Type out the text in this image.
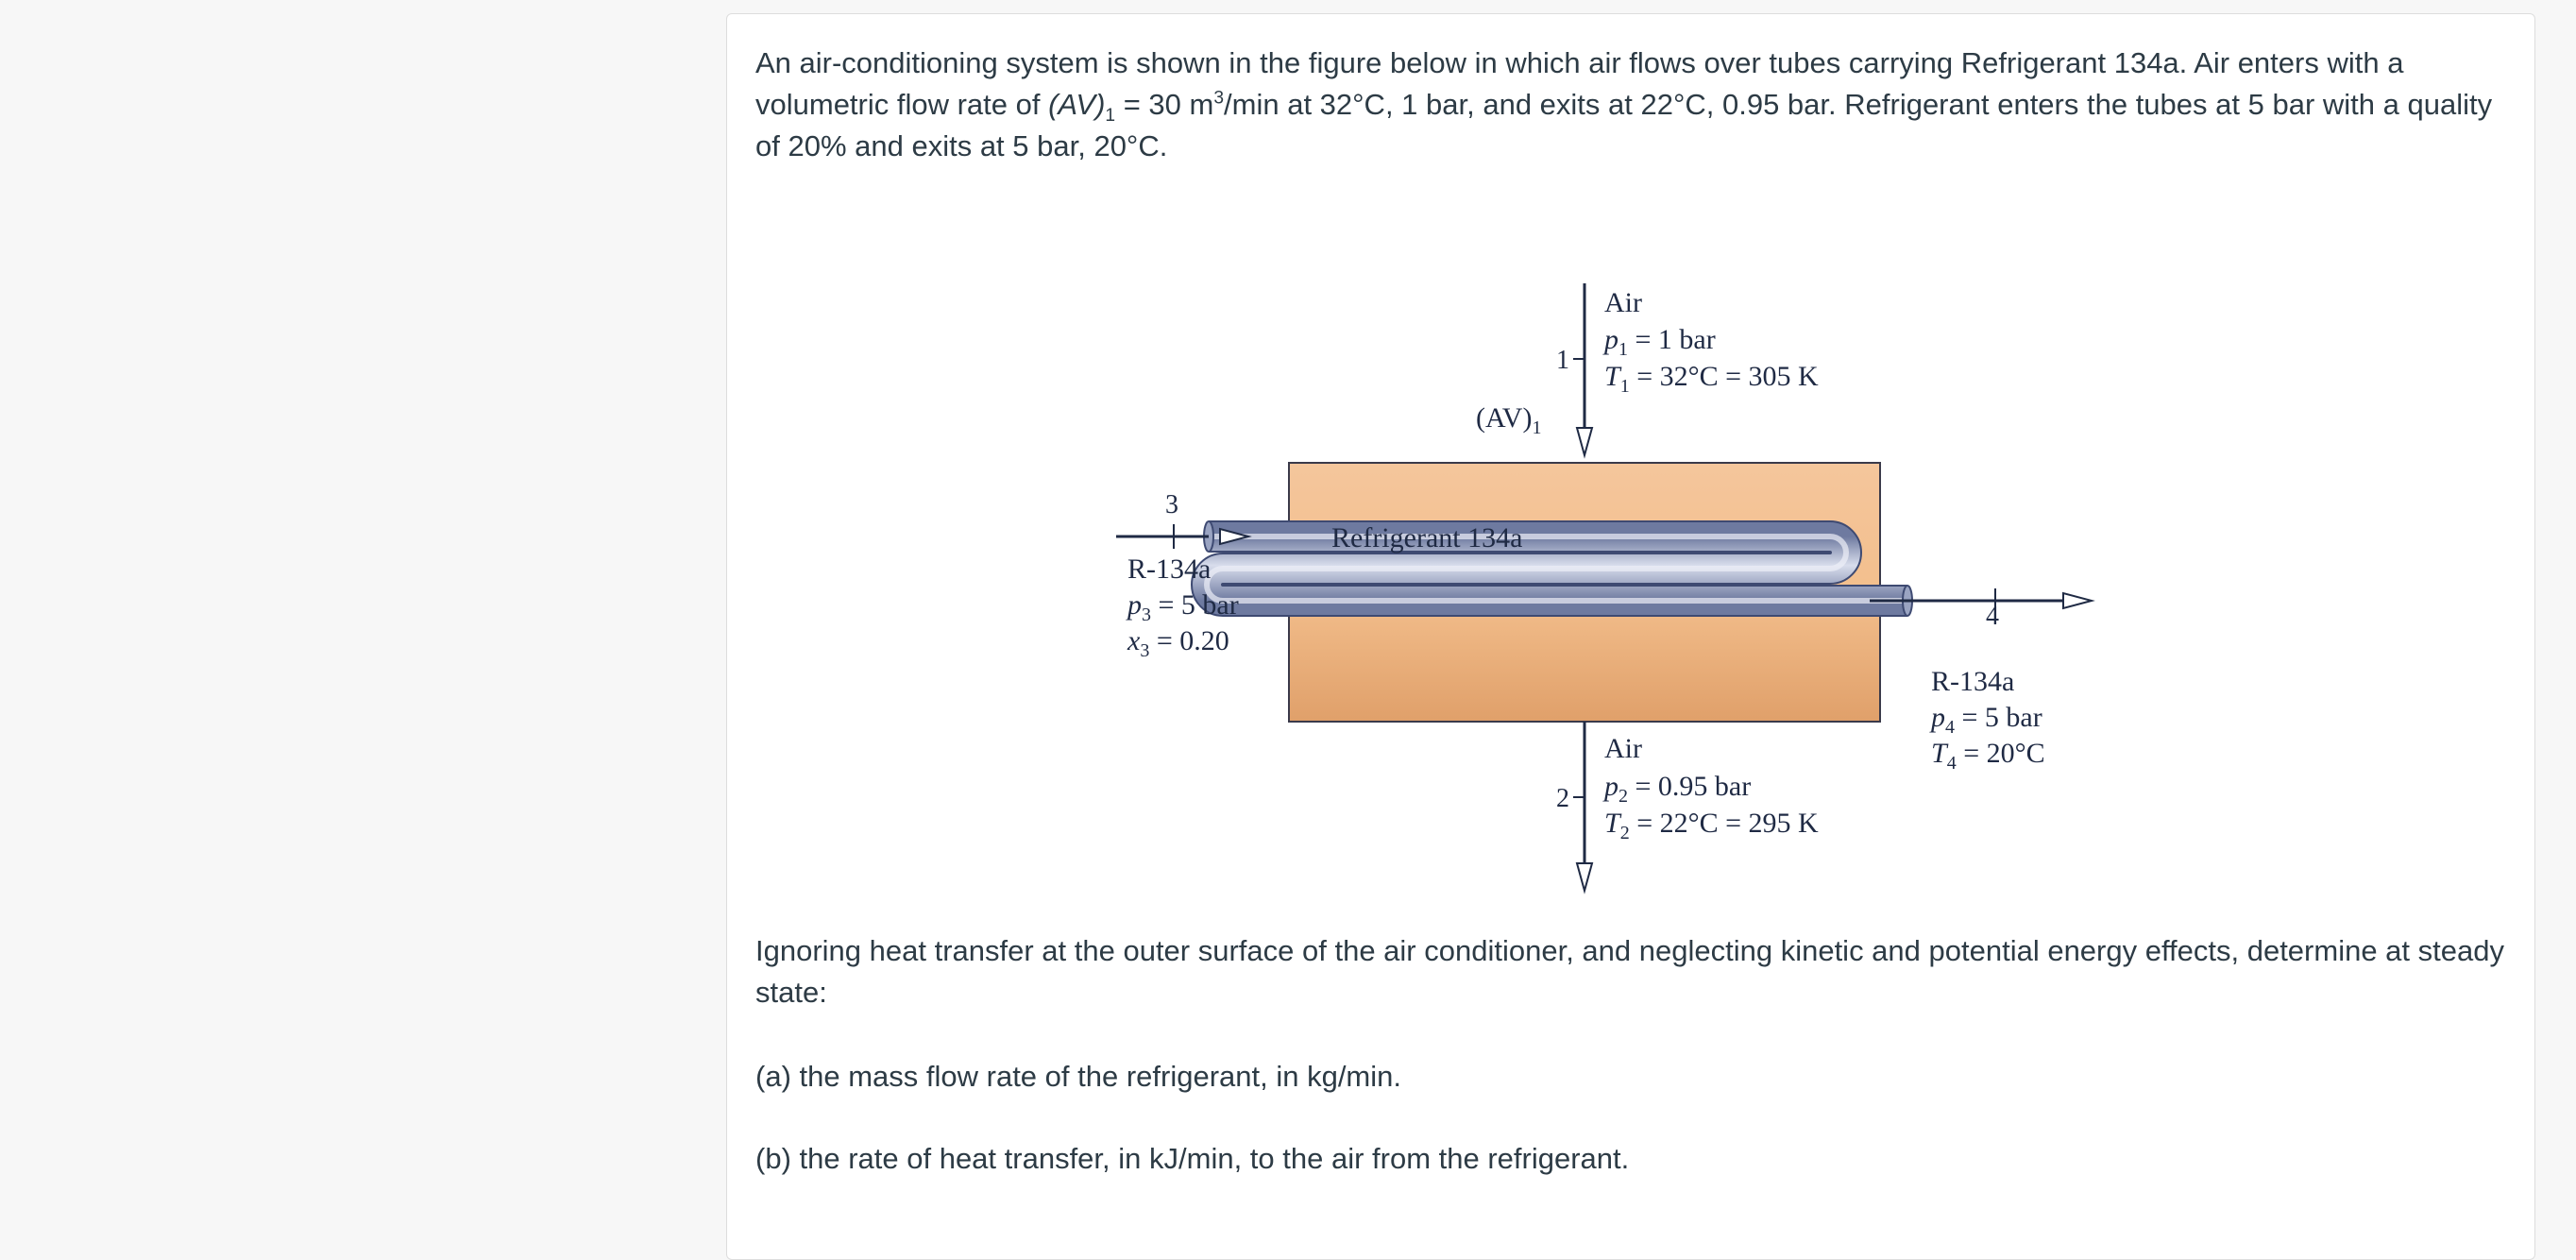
An air-conditioning system is shown in the figure below in which air flows over tubes carrying Refrigerant 134a. Air enters with a volumetric flow rate of $(AV)_1 = 30$ $m^3/\min$ at 32°C, 1 bar, and exits at 22°C, 0.95 bar. Refrigerant enters the tubes at 5 bar with a quality of 20% and exits at 5 bar, 20°C.

Air
$p_1 = 1$ bar
$T_1 = 32^\circ C = 305$ K
1
$(AV)_1$
Refrigerant 134a
3
R-134a
$p_3 = 5$ bar
$x_3 = 0.20$
4
R-134a
$p_4 = 5$ bar
$T_4 = 20^\circ C$
Air
2 $p_2 = 0.95$ bar
$T_2 = 22^\circ C = 295$ K

Ignoring heat transfer at the outer surface of the air conditioner, and neglecting kinetic and potential energy effects, determine at steady state:

(a) the mass flow rate of the refrigerant, in kg/min.

(b) the rate of heat transfer, in kJ/min, to the air from the refrigerant.
